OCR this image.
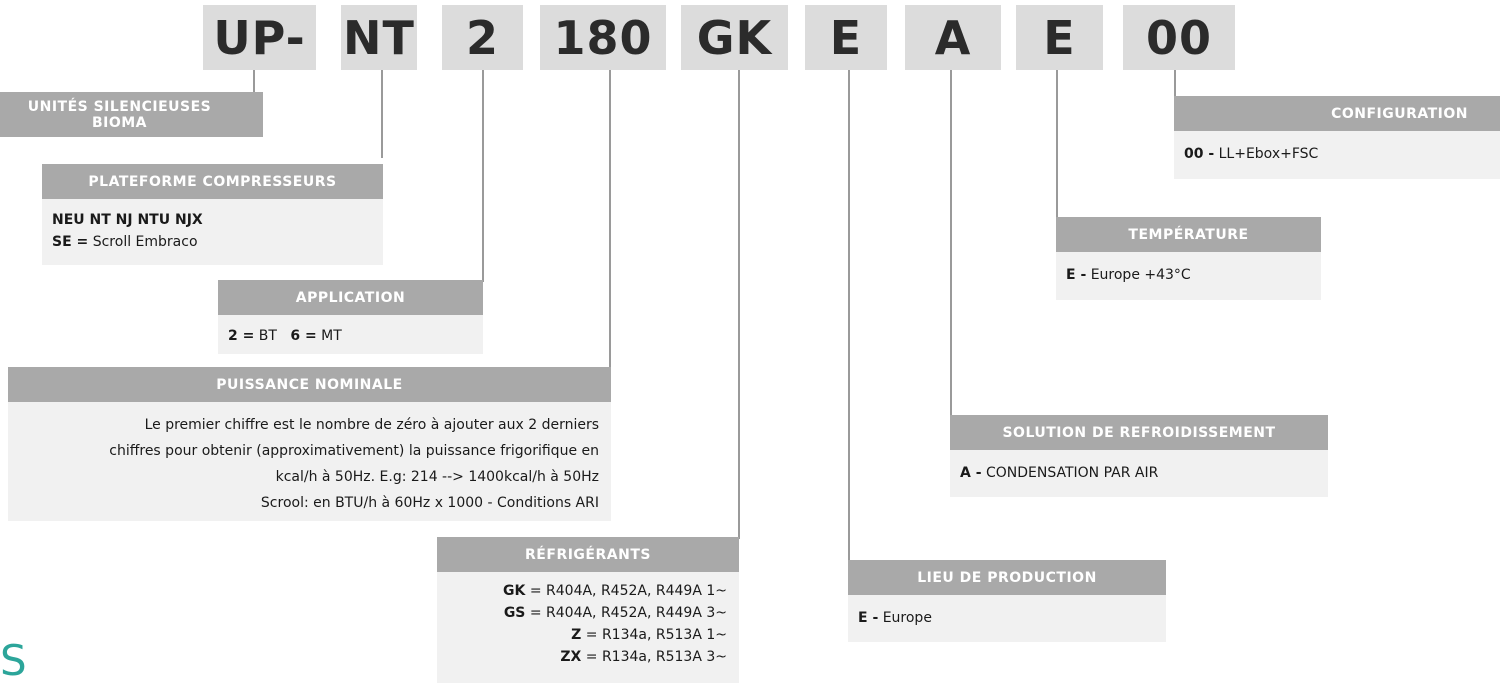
UP- NT	2	180 GK	E	A	E	00
UNITÉS SILENCIEUSES
BIOMA
PLATEFORME COMPRESSEURS
NEU NT NJ NTU NJX
SE = Scroll Embraco
APPLICATION
2 = BT 6 = MT
PUISSANCE NOMINALE
Le premier chiffre est le nombre de zéro à ajouter aux 2 derniers
chiffres pour obtenir (approximativement) la puissance frigorifique en
kcal/h à 50Hz. E.g: 214 --> 1400kcal/h à 50Hz
Scrool: en BTU/h à 60Hz x 1000 - Conditions ARI
RÉFRIGÉRANTS
GK = R404A, R452A, R449A 1~
GS = R404A, R452A, R449A 3~
Z = R134a, R513A 1~
ZX = R134a, R513A 3~
LIEU DE PRODUCTION
E - Europe
SOLUTION DE REFROIDISSEMENT
A - CONDENSATION PAR AIR
TEMPÉRATURE
E - Europe +43°C
CONFIGURATION
00 - LL+Ebox+FSC
S
